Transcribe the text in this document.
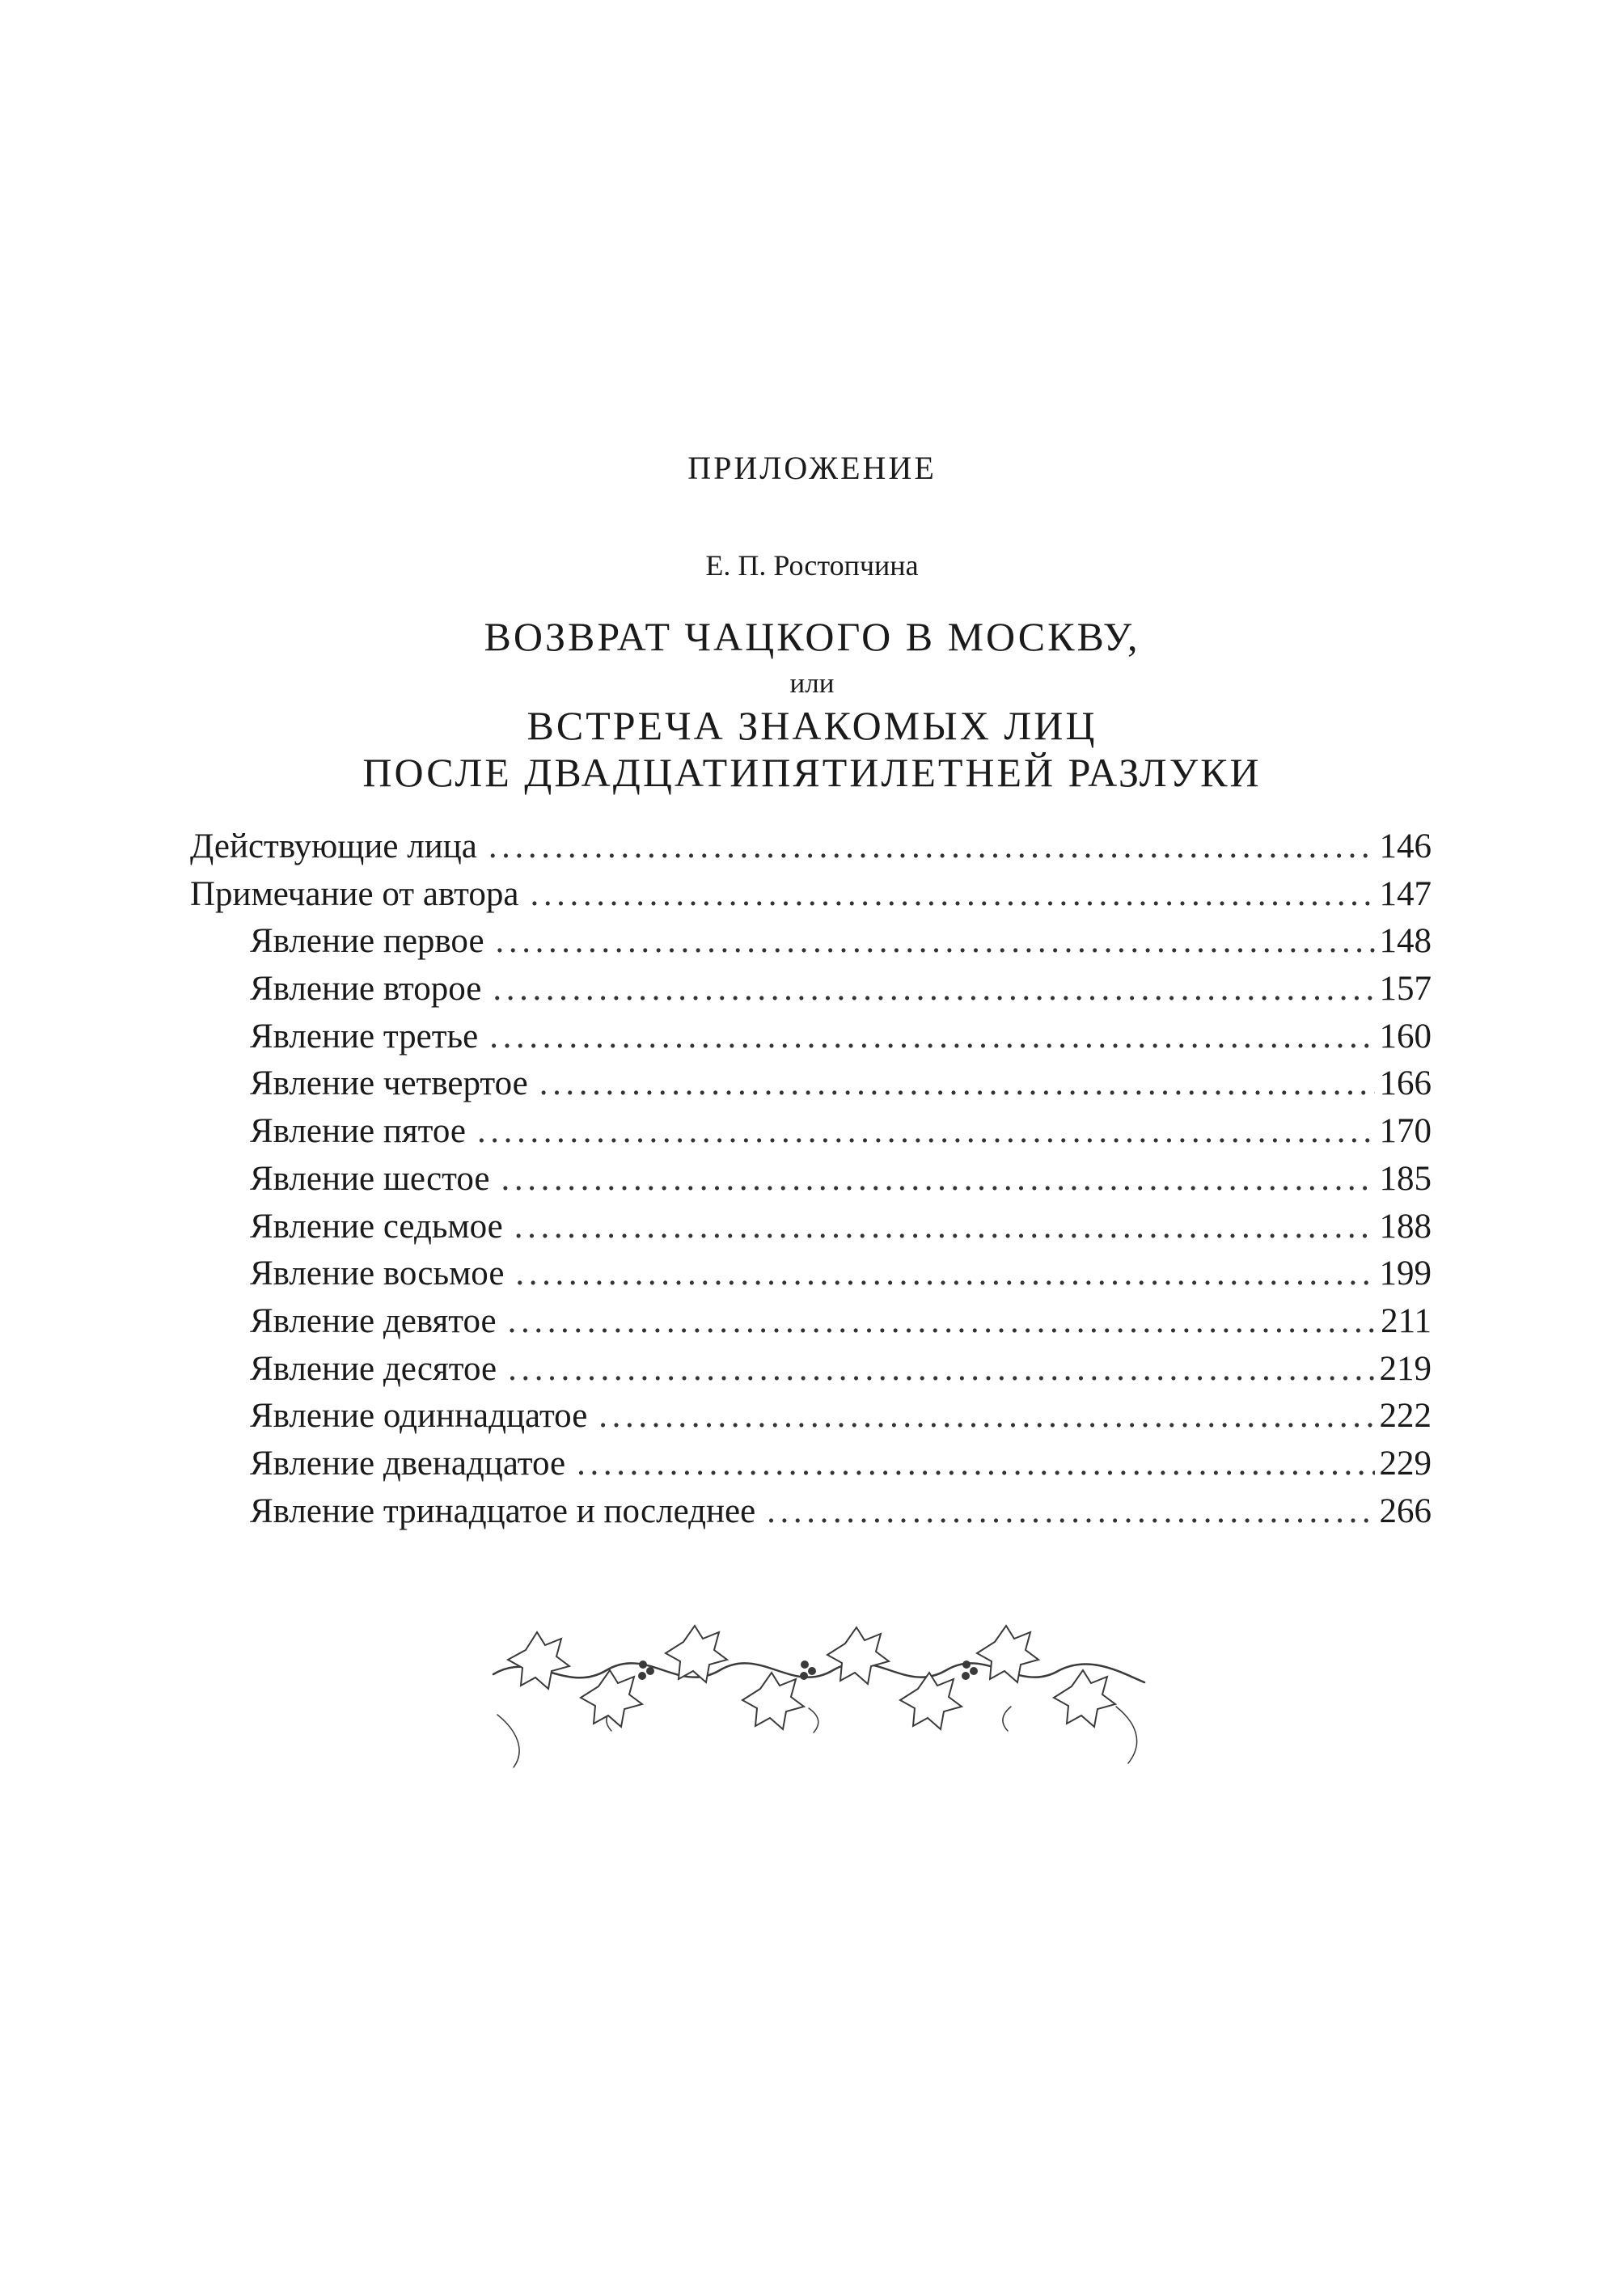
ПРИЛОЖЕНИЕ

Е. П. Ростопчина

ВОЗВРАТ ЧАЦКОГО В МОСКВУ,

или

ВСТРЕЧА ЗНАКОМЫХ ЛИЦ
ПОСЛЕ ДВАДЦАТИПЯТИЛЕТНЕЙ РАЗЛУКИ
Действующие лица .....	146
Примечание от автора .....	147
Явление первое .....	148
Явление второе .....	157
Явление третье .....	160
Явление четвертое .....	166
Явление пятое .....	170
Явление шестое .....	185
Явление седьмое .....	188
Явление восьмое .....	199
Явление девятое .....	211
Явление десятое .....	219
Явление одиннадцатое .....	222
Явление двенадцатое .....	229
Явление тринадцатое и последнее .....	266
